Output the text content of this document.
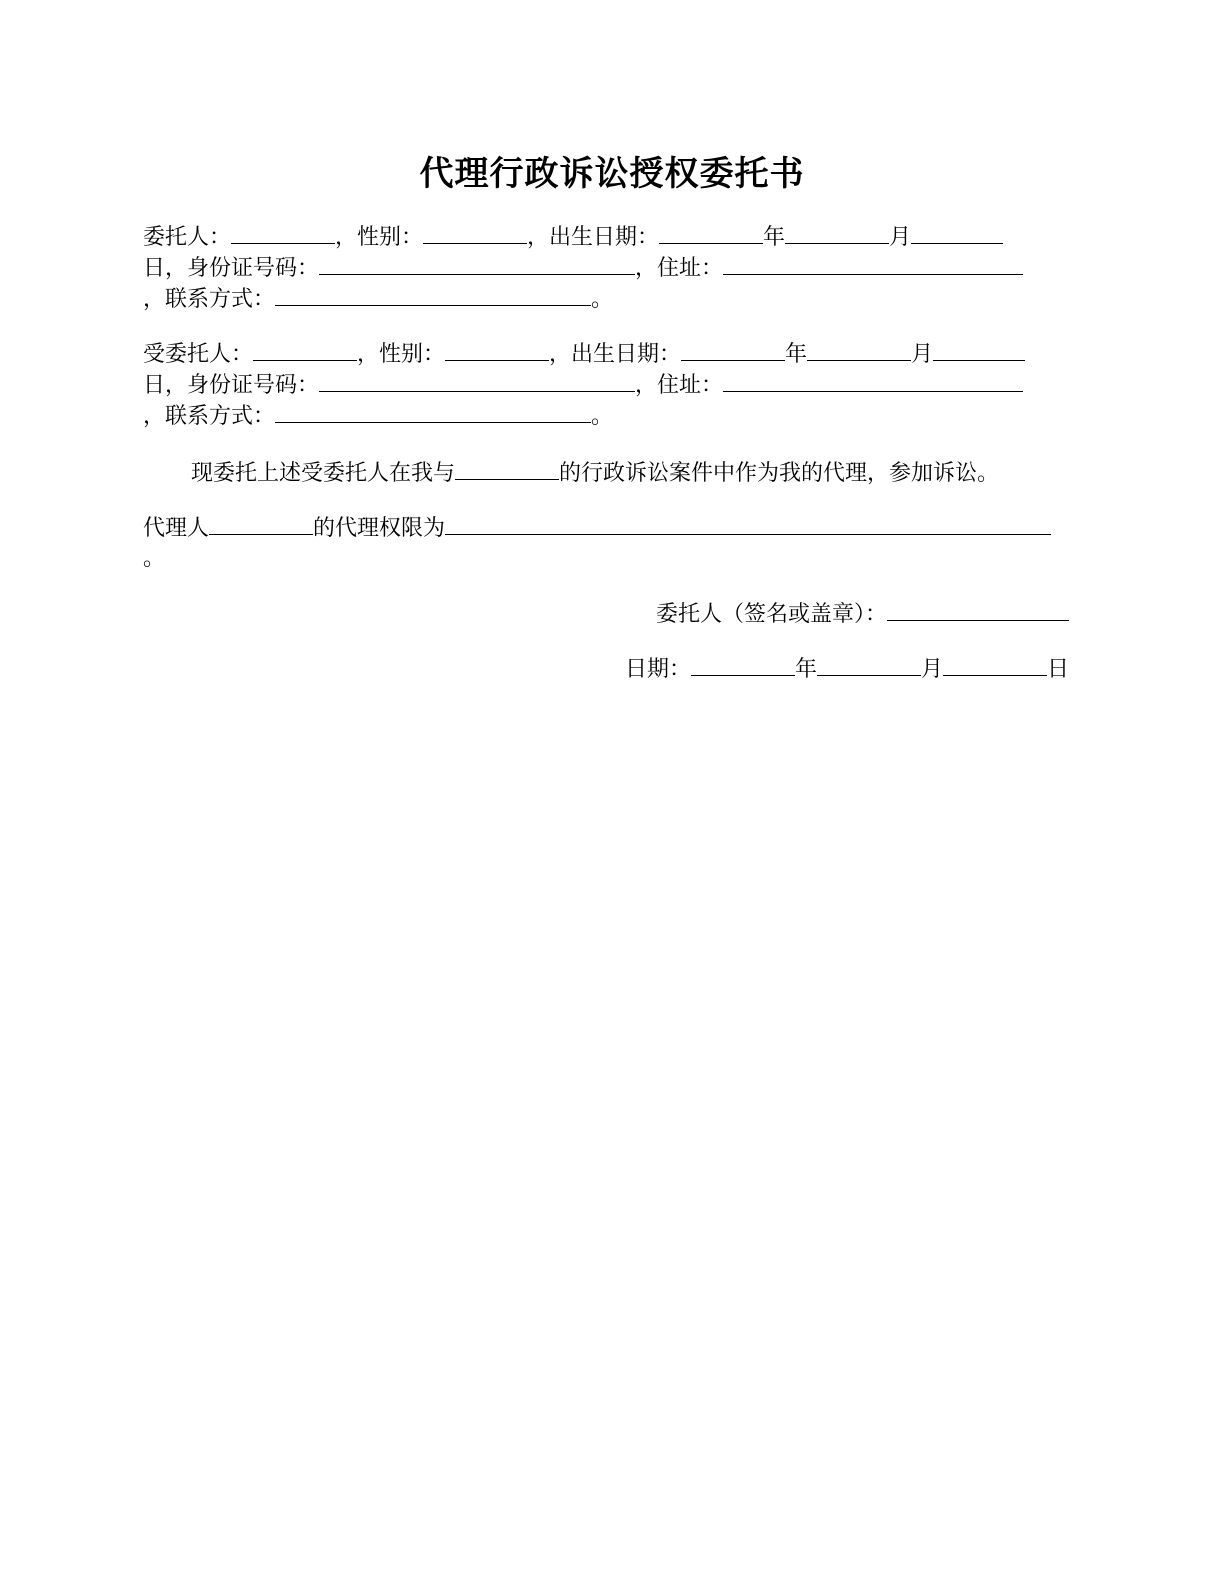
代理行政诉讼授权委托书
委托人：	，性别：	，出生日期：	年	月
日，身份证号码：	，住址：
，联系方式：	。
受委托人：	，性别：	，出生日期：	年	月
日，身份证号码：	，住址：
，联系方式：	。
现委托上述受委托人在我与	的行政诉讼案件中作为我的代理，参加诉讼。
代理人	的代理权限为
。
委托人（签名或盖章）：
日期：	年	月	日
